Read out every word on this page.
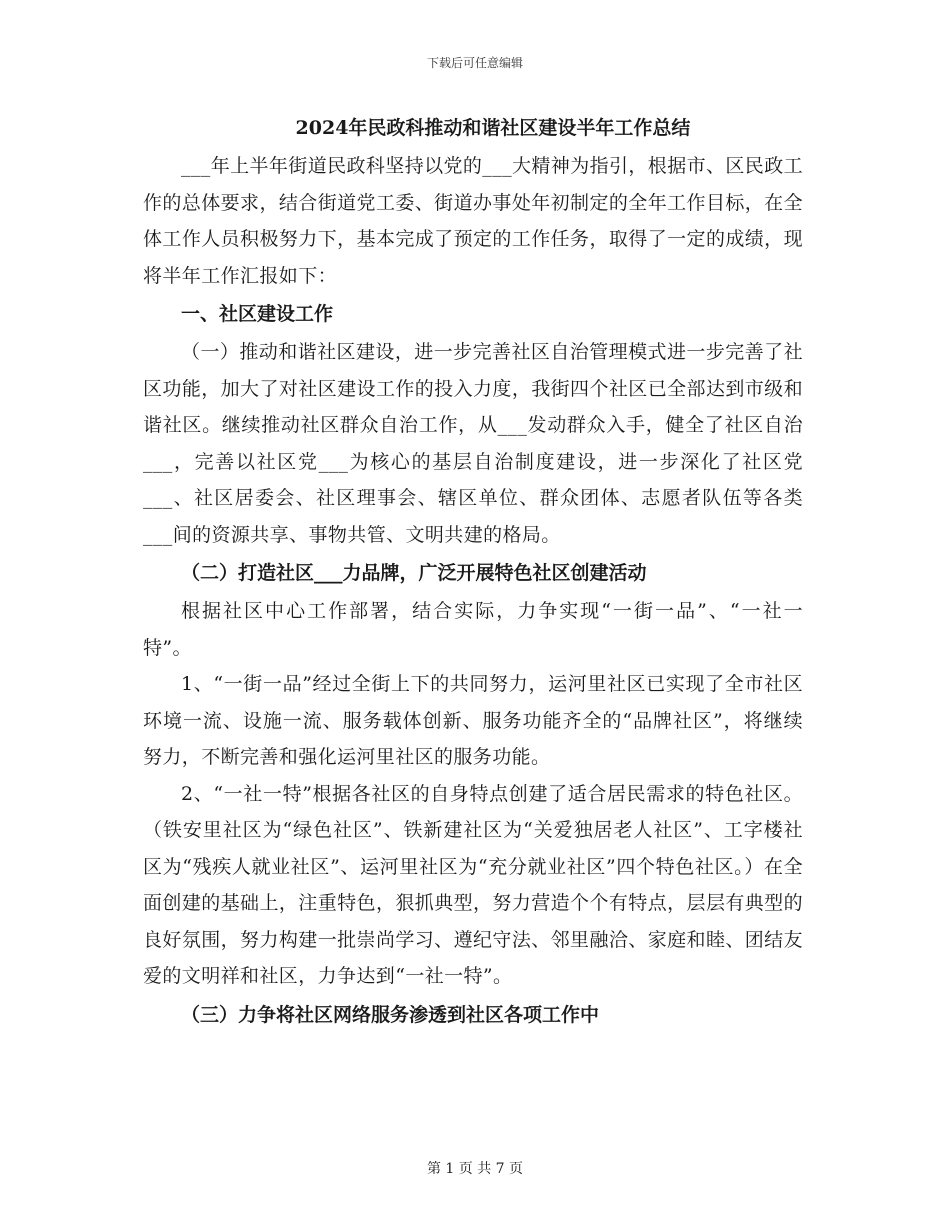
下载后可任意编辑

2024年民政科推动和谐社区建设半年工作总结

___年上半年街道民政科坚持以党的___大精神为指引，根据市、区民政工作的总体要求，结合街道党工委、街道办事处年初制定的全年工作目标，在全体工作人员积极努力下，基本完成了预定的工作任务，取得了一定的成绩，现将半年工作汇报如下：

一、社区建设工作

（一）推动和谐社区建设，进一步完善社区自治管理模式进一步完善了社区功能，加大了对社区建设工作的投入力度，我街四个社区已全部达到市级和谐社区。继续推动社区群众自治工作，从___发动群众入手，健全了社区自治___，完善以社区党___为核心的基层自治制度建设，进一步深化了社区党___、社区居委会、社区理事会、辖区单位、群众团体、志愿者队伍等各类___间的资源共享、事物共管、文明共建的格局。

（二）打造社区___力品牌，广泛开展特色社区创建活动

根据社区中心工作部署，结合实际，力争实现“一街一品”、“一社一特”。

1、“一街一品”经过全街上下的共同努力，运河里社区已实现了全市社区环境一流、设施一流、服务载体创新、服务功能齐全的“品牌社区”，将继续努力，不断完善和强化运河里社区的服务功能。

2、“一社一特”根据各社区的自身特点创建了适合居民需求的特色社区。（铁安里社区为“绿色社区”、铁新建社区为“关爱独居老人社区”、工字楼社区为“残疾人就业社区”、运河里社区为“充分就业社区”四个特色社区。）在全面创建的基础上，注重特色，狠抓典型，努力营造个个有特点，层层有典型的良好氛围，努力构建一批崇尚学习、遵纪守法、邻里融洽、家庭和睦、团结友爱的文明祥和社区，力争达到“一社一特”。

（三）力争将社区网络服务渗透到社区各项工作中

第 1 页 共 7 页
